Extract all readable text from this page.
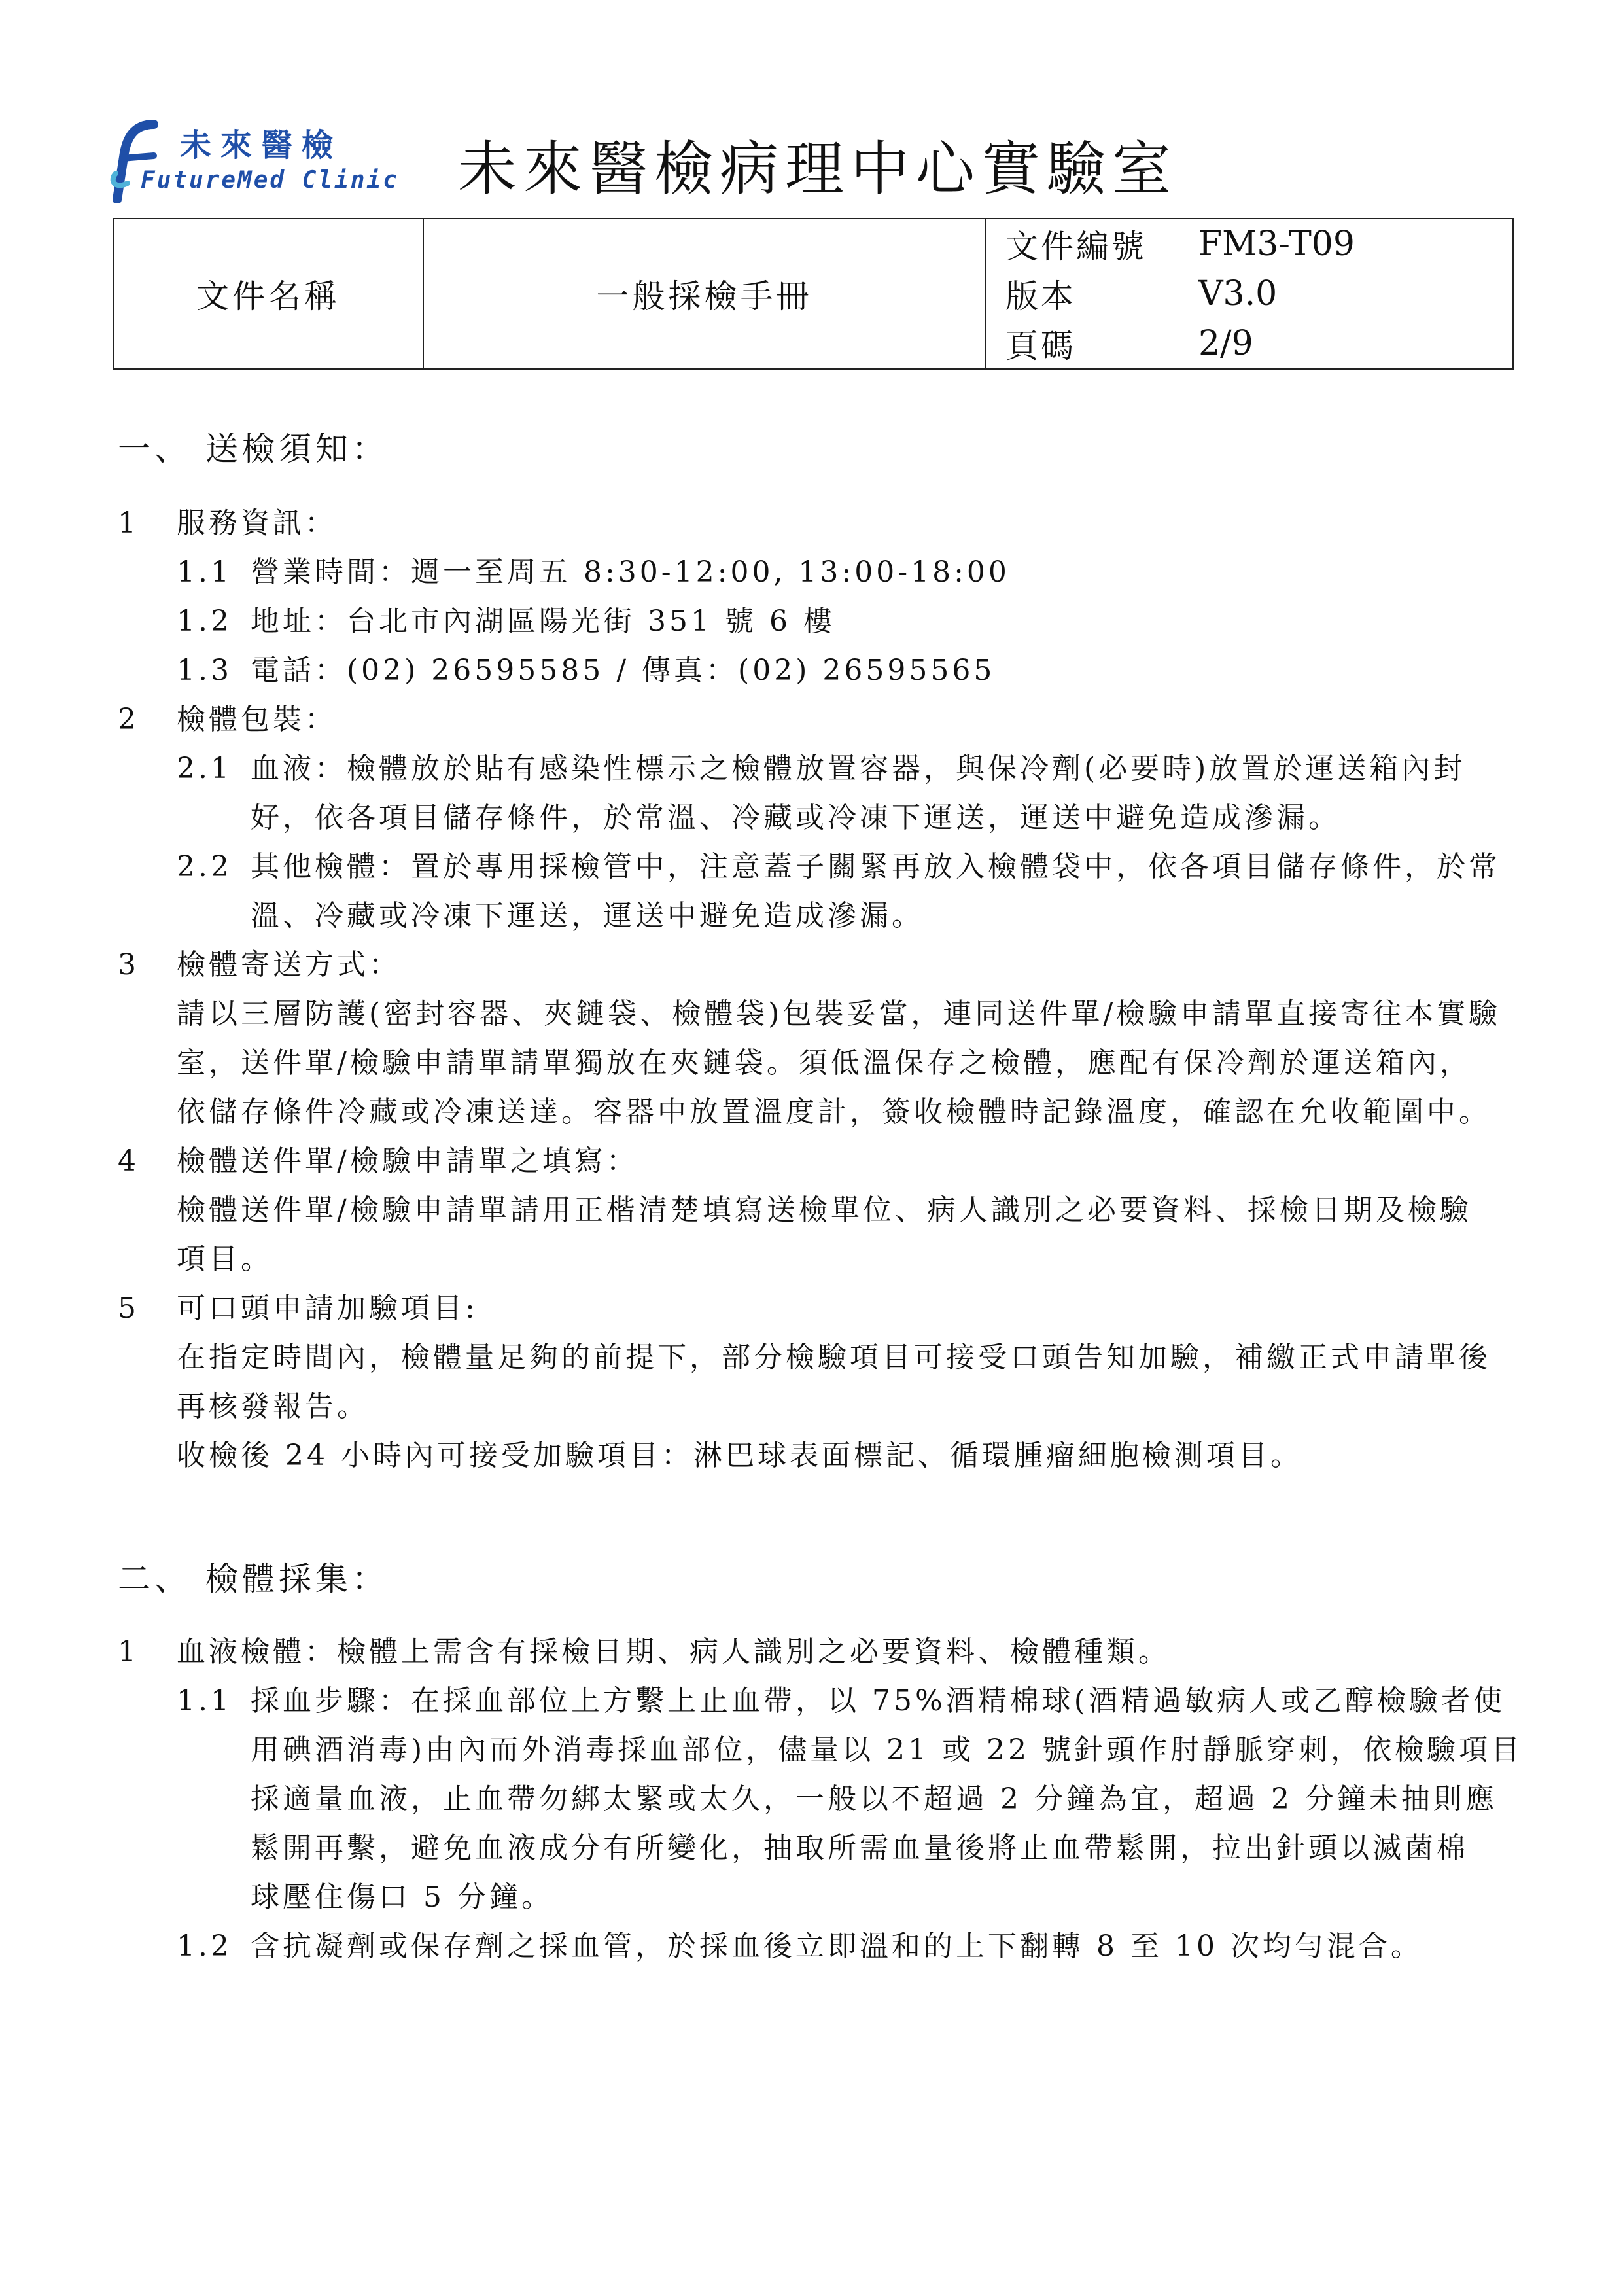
未來醫檢
FutureMed Clinic 未來醫檢病理中心實驗室
文件名稱	一般採檢手冊	
文件編號	FM3-T09
版本	V3.0
頁碼	2/9
一、 送檢須知：
1 服務資訊：
1.1 營業時間：週一至周五 8:30-12:00, 13:00-18:00
1.2 地址：台北市內湖區陽光街 351 號 6 樓
1.3 電話：(02) 26595585 / 傳真：(02) 26595565
2 檢體包裝：
2.1 血液：檢體放於貼有感染性標示之檢體放置容器，與保冷劑(必要時)放置於運送箱內封
好，依各項目儲存條件，於常溫、冷藏或冷凍下運送，運送中避免造成滲漏。
2.2 其他檢體：置於專用採檢管中，注意蓋子關緊再放入檢體袋中，依各項目儲存條件，於常
溫、冷藏或冷凍下運送，運送中避免造成滲漏。
3 檢體寄送方式：
請以三層防護(密封容器、夾鏈袋、檢體袋)包裝妥當，連同送件單/檢驗申請單直接寄往本實驗
室，送件單/檢驗申請單請單獨放在夾鏈袋。須低溫保存之檢體，應配有保冷劑於運送箱內，
依儲存條件冷藏或冷凍送達。容器中放置溫度計，簽收檢體時記錄溫度，確認在允收範圍中。
4 檢體送件單/檢驗申請單之填寫：
檢體送件單/檢驗申請單請用正楷清楚填寫送檢單位、病人識別之必要資料、採檢日期及檢驗
項目。
5 可口頭申請加驗項目:
在指定時間內，檢體量足夠的前提下，部分檢驗項目可接受口頭告知加驗，補繳正式申請單後
再核發報告。
收檢後 24 小時內可接受加驗項目：淋巴球表面標記、循環腫瘤細胞檢測項目。
二、 檢體採集：
1 血液檢體：檢體上需含有採檢日期、病人識別之必要資料、檢體種類。
1.1 採血步驟：在採血部位上方繫上止血帶，以 75%酒精棉球(酒精過敏病人或乙醇檢驗者使
用碘酒消毒)由內而外消毒採血部位，儘量以 21 或 22 號針頭作肘靜脈穿刺，依檢驗項目
採適量血液，止血帶勿綁太緊或太久，一般以不超過 2 分鐘為宜，超過 2 分鐘未抽則應
鬆開再繫，避免血液成分有所變化，抽取所需血量後將止血帶鬆開，拉出針頭以滅菌棉
球壓住傷口 5 分鐘。
1.2 含抗凝劑或保存劑之採血管，於採血後立即溫和的上下翻轉 8 至 10 次均勻混合。
